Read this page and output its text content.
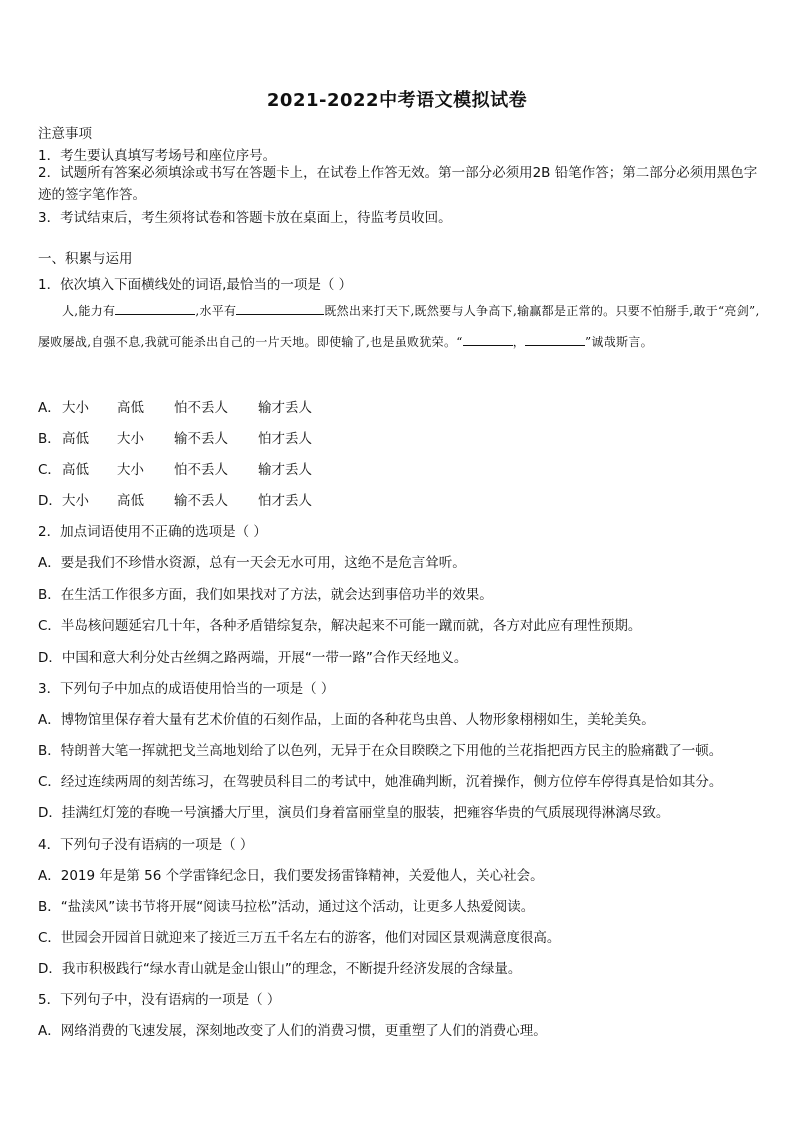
2021-2022中考语文模拟试卷
注意事项
1．考生要认真填写考场号和座位序号。
2．试题所有答案必须填涂或书写在答题卡上，在试卷上作答无效。第一部分必须用2B 铅笔作答；第二部分必须用黑色字迹的签字笔作答。
3．考试结束后，考生须将试卷和答题卡放在桌面上，待监考员收回。
一、积累与运用
1．依次填入下面横线处的词语,最恰当的一项是（ ）
人,能力有	,水平有	既然出来打天下,既然要与人争高下,输赢都是正常的。只要不怕掰手,敢于“亮剑”,屡败屡战,自强不息,我就可能杀出自己的一片天地。即使输了,也是虽败犹荣。“	，	”诚哉斯言。
A．大小 高低 怕不丢人 输才丢人
B．高低 大小 输不丢人 怕才丢人
C．高低 大小 怕不丢人 输才丢人
D．大小 高低 输不丢人 怕才丢人
2．加点词语使用不正确的选项是（ ）
A．要是我们不珍惜水资源，总有一天会无水可用，这绝不是危言耸听。
B．在生活工作很多方面，我们如果找对了方法，就会达到事倍功半的效果。
C．半岛核问题延宕几十年，各种矛盾错综复杂，解决起来不可能一蹴而就，各方对此应有理性预期。
D．中国和意大利分处古丝绸之路两端，开展“一带一路”合作天经地义。
3．下列句子中加点的成语使用恰当的一项是（ ）
A．博物馆里保存着大量有艺术价值的石刻作品，上面的各种花鸟虫兽、人物形象栩栩如生，美轮美奂。
B．特朗普大笔一挥就把戈兰高地划给了以色列，无异于在众目睽睽之下用他的兰花指把西方民主的脸痛戳了一顿。
C．经过连续两周的刻苦练习，在驾驶员科目二的考试中，她准确判断，沉着操作，侧方位停车停得真是恰如其分。
D．挂满红灯笼的春晚一号演播大厅里，演员们身着富丽堂皇的服装，把雍容华贵的气质展现得淋漓尽致。
4．下列句子没有语病的一项是（ ）
A．2019 年是第 56 个学雷锋纪念日，我们要发扬雷锋精神，关爱他人，关心社会。
B．“盐渎风”读书节将开展“阅读马拉松”活动，通过这个活动，让更多人热爱阅读。
C．世园会开园首日就迎来了接近三万五千名左右的游客，他们对园区景观满意度很高。
D．我市积极践行“绿水青山就是金山银山”的理念，不断提升经济发展的含绿量。
5．下列句子中，没有语病的一项是（ ）
A．网络消费的飞速发展，深刻地改变了人们的消费习惯，更重塑了人们的消费心理。
